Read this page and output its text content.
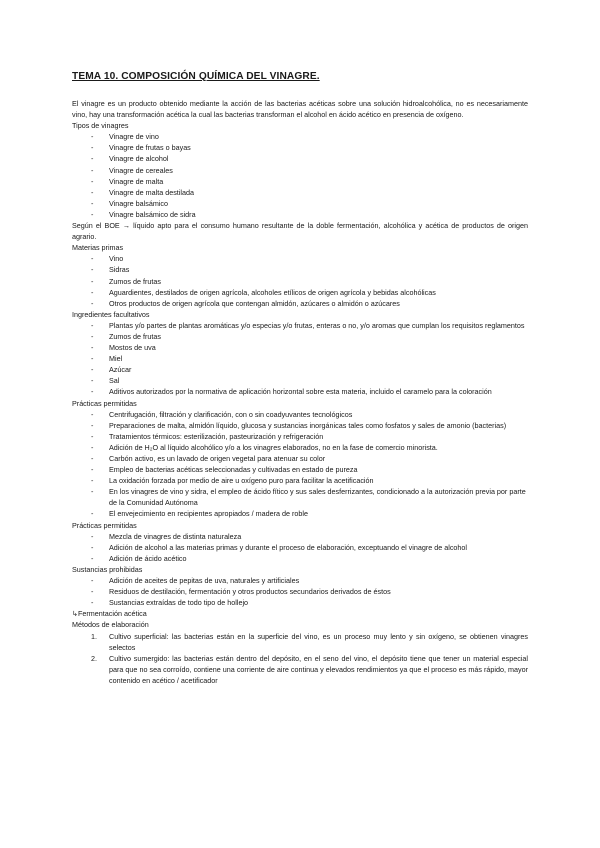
TEMA 10. COMPOSICIÓN QUÍMICA DEL VINAGRE.

El vinagre es un producto obtenido mediante la acción de las bacterias acéticas sobre una solución hidroalcohólica, no es necesariamente vino, hay una transformación acética la cual las bacterias transforman el alcohol en ácido acético en presencia de oxígeno.

Tipos de vinagres
- Vinagre de vino
- Vinagre de frutas o bayas
- Vinagre de alcohol
- Vinagre de cereales
- Vinagre de malta
- Vinagre de malta destilada
- Vinagre balsámico
- Vinagre balsámico de sidra

Según el BOE → líquido apto para el consumo humano resultante de la doble fermentación, alcohólica y acética de productos de origen agrario.

Materias primas
- Vino
- Sidras
- Zumos de frutas
- Aguardientes, destilados de origen agrícola, alcoholes etílicos de origen agrícola y bebidas alcohólicas
- Otros productos de origen agrícola que contengan almidón, azúcares o almidón o azúcares
Ingredientes facultativos
- Plantas y/o partes de plantas aromáticas y/o especias y/o frutas, enteras o no, y/o aromas que cumplan los requisitos reglamentos
- Zumos de frutas
- Mostos de uva
- Miel
- Azúcar
- Sal
- Aditivos autorizados por la normativa de aplicación horizontal sobre esta materia, incluido el caramelo para la coloración
Prácticas permitidas
- Centrifugación, filtración y clarificación, con o sin coadyuvantes tecnológicos
- Preparaciones de malta, almidón líquido, glucosa y sustancias inorgánicas tales como fosfatos y sales de amonio (bacterias)
- Tratamientos térmicos: esterilización, pasteurización y refrigeración
- Adición de H₂O al líquido alcohólico y/o a los vinagres elaborados, no en la fase de comercio minorista.
- Carbón activo, es un lavado de origen vegetal para atenuar su color
- Empleo de bacterias acéticas seleccionadas y cultivadas en estado de pureza
- La oxidación forzada por medio de aire u oxígeno puro para facilitar la acetificación
- En los vinagres de vino y sidra, el empleo de ácido fítico y sus sales desferrizantes, condicionado a la autorización previa por parte de la Comunidad Autónoma
- El envejecimiento en recipientes apropiados / madera de roble
Prácticas permitidas
- Mezcla de vinagres de distinta naturaleza
- Adición de alcohol a las materias primas y durante el proceso de elaboración, exceptuando el vinagre de alcohol
- Adición de ácido acético
Sustancias prohibidas
- Adición de aceites de pepitas de uva, naturales y artificiales
- Residuos de destilación, fermentación y otros productos secundarios derivados de éstos
- Sustancias extraídas de todo tipo de hollejo
↳Fermentación acética
Métodos de elaboración
1. Cultivo superficial: las bacterias están en la superficie del vino, es un proceso muy lento y sin oxígeno, se obtienen vinagres selectos
2. Cultivo sumergido: las bacterias están dentro del depósito, en el seno del vino, el depósito tiene que tener un material especial para que no sea corroído, contiene una corriente de aire continua y elevados rendimientos ya que el proceso es más rápido, mayor contenido en acético / acetificador
